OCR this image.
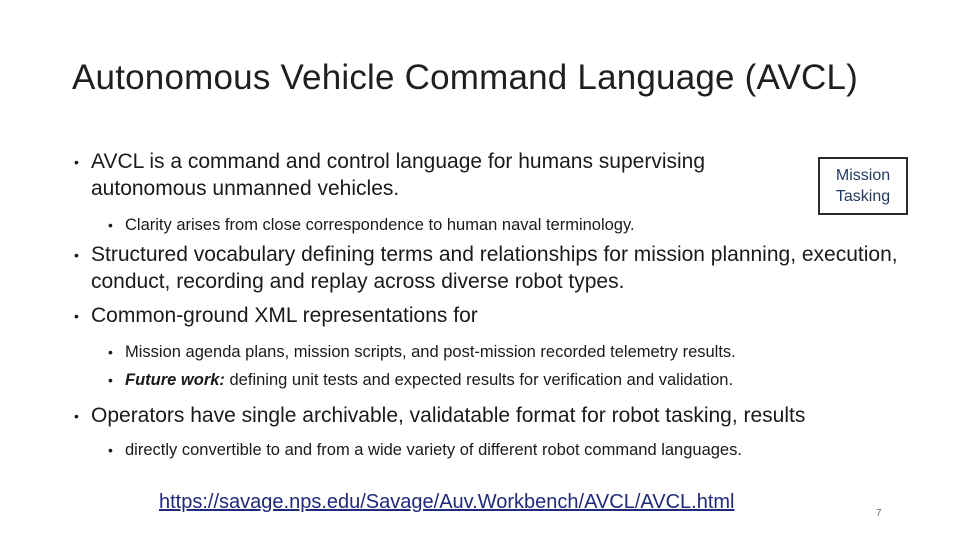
Autonomous Vehicle Command Language (AVCL)
Mission
Tasking
• AVCL is a command and control language for humans supervising autonomous unmanned vehicles.
• Clarity arises from close correspondence to human naval terminology.
• Structured vocabulary defining terms and relationships for mission planning, execution, conduct, recording and replay across diverse robot types.
• Common-ground XML representations for
• Mission agenda plans, mission scripts, and post-mission recorded telemetry results.
• Future work: defining unit tests and expected results for verification and validation.
• Operators have single archivable, validatable format for robot tasking, results
• directly convertible to and from a wide variety of different robot command languages.
https://savage.nps.edu/Savage/Auv.Workbench/AVCL/AVCL.html
7
